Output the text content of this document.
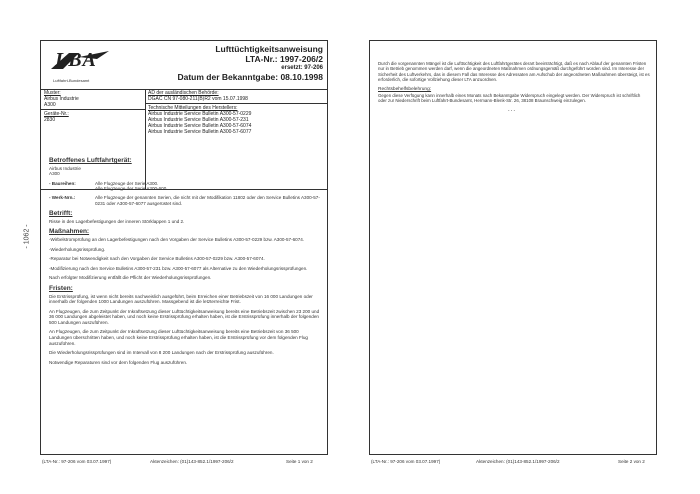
- 1062 -
LBA
Luftfahrt-Bundesamt
Lufttüchtigkeitsanweisung
LTA-Nr.: 1997-206/2
ersetzt: 97-206
Datum der Bekanntgabe: 08.10.1998
Muster:
Airbus Industrie
A300
Geräte-Nr.:
2830
AD der ausländischen Behörde:
DGAC CN 97-080-211(B)R2 vom 15.07.1998
Technische Mitteilungen des Herstellers:
Airbus Industrie Service Bulletin A300-57-0229
Airbus Industrie Service Bulletin A300-57-231
Airbus Industrie Service Bulletin A300-57-6074
Airbus Industrie Service Bulletin A300-57-6077
Betroffenes Luftfahrtgerät:
Airbus Industrie
A300
- Baureihen:	Alle Flugzeuge der Serie A300.
Alle Flugzeuge der Serie A300-600.
- Werk-Nrn.:	Alle Flugzeuge der genannten Serien, die nicht mit der Modifikation 11802 oder den Service Bulletins A300-57-0231 oder A300-57-6077 ausgerüstet sind.
Betrifft:
Risse in den Lagerbefestigungen der inneren Störklappen 1 und 2.
Maßnahmen:
-Wirbelstromprüfung an den Lagerbefestigungen nach den Vorgaben der Service Bulletins A300-57-0229 bzw. A300-57-6074.
-Wiederholungsrissprüfung.
-Reparatur bei Notwendigkeit nach den Vorgaben der Service Bulletins A300-57-0229 bzw. A300-57-6074.
-Modifizierung nach den Service Bulletins A300-57-231 bzw. A300-57-6077 als Alternative zu den Wiederholungsrissprüfungen.
Nach erfolgter Modifizierung entfällt die Pflicht der Wiederholungsrissprüfungen.
Fristen:
Die Erstrissprüfung, ist wenn nicht bereits nachweislich ausgeführt, beim Erreichen einer Betriebszeit von 16 000 Landungen oder innerhalb der folgenden 1000 Landungen auszuführen. Massgebend ist die letzterreichte Frist.
An Flugzeugen, die zum Zeitpunkt der Inkraftsetzung dieser Lufttüchtigkeitsanweisung bereits eine Betriebszeit zwischen 23 200 und 36 000 Landungen abgeleistet haben, und noch keine Erstrissprüfung erhalten haben, ist die Erstrissprüfung innerhalb der folgenden 500 Landungen auszuführen.
An Flugzeugen, die zum Zeitpunkt der Inkraftsetzung dieser Lufttüchtigkeitsanweisung bereits eine Betriebszeit von 36 500 Landungen überschritten haben, und noch keine Erstrissprüfung erhalten haben, ist die Erstrissprüfung vor dem folgenden Flug auszuführen.
Die Wiederholungsrissprüfungen sind im Intervall von 8 200 Landungen nach der Erstrissprüfung auszuführen.
Notwendige Reparaturen sind vor dem folgenden Flug auszuführen.
(LTA-Nr.: 97-206 vom 03.07.1997)	Aktenzeichen: (01)143-852.1/1997-206/2	Seite 1 von 2
Durch die vorgenannten Mängel ist die Lufttüchtigkeit des Luftfahrtgerätes derart beeinträchtigt, daß es nach Ablauf der genannten Fristen nur in Betrieb genommen werden darf, wenn die angeordneten Maßnahmen ordnungsgemäß durchgeführt worden sind. Im Interesse der Sicherheit des Luftverkehrs, das in diesem Fall das Interesse des Adressaten am Aufschub der angeordneten Maßnahmen übersteigt, ist es erforderlich, die sofortige Vollziehung dieser LTA anzuordnen.
Rechtsbehelfsbelehrung:
Gegen diese Verfügung kann innerhalb eines Monats nach Bekanntgabe Widerspruch eingelegt werden. Der Widerspruch ist schriftlich oder zur Niederschrift beim Luftfahrt-Bundesamt, Hermann-Blenk-Str. 26, 38108 Braunschweig einzulegen.
...
(LTA-Nr.: 97-206 vom 03.07.1997)	Aktenzeichen: (01)143-852.1/1997-206/2	Seite 2 von 2
